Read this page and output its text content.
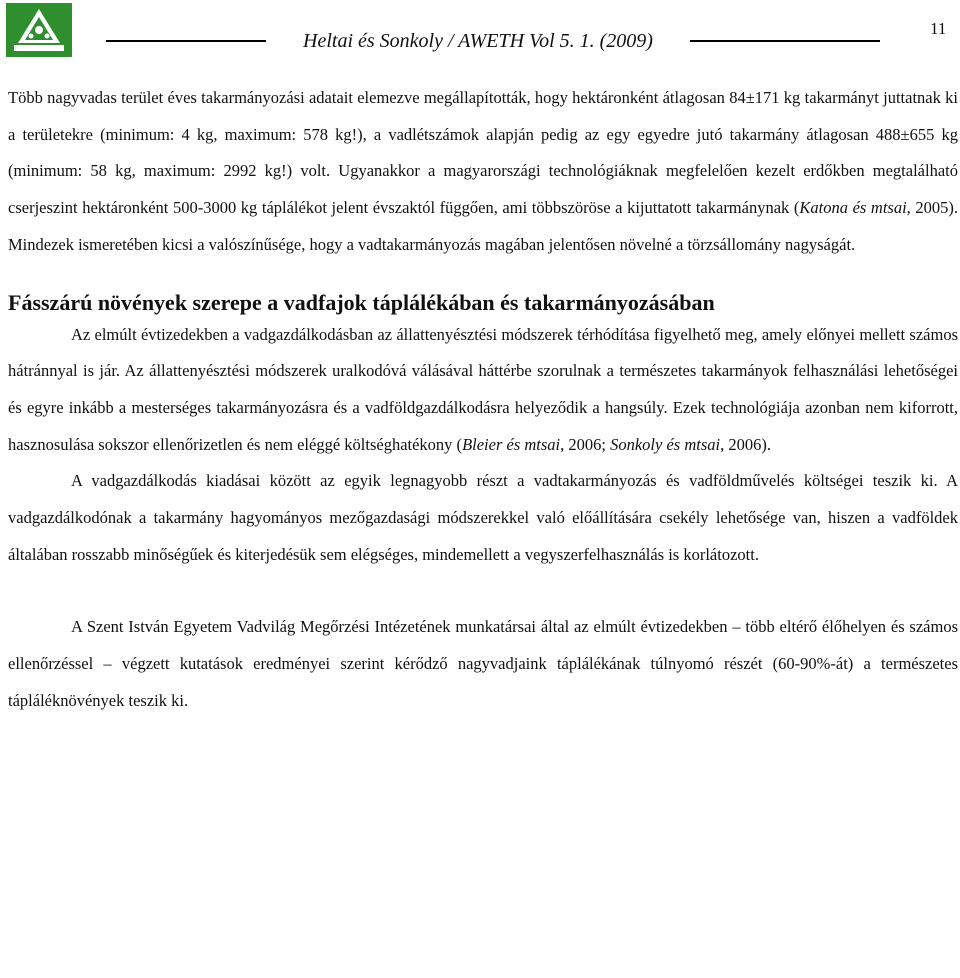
Heltai és Sonkoly / AWETH Vol 5. 1. (2009)
11

Több nagyvadas terület éves takarmányozási adatait elemezve megállapították, hogy hektáronként átlagosan 84±171 kg takarmányt juttatnak ki a területekre (minimum: 4 kg, maximum: 578 kg!), a vadlétszámok alapján pedig az egy egyedre jutó takarmány átlagosan 488±655 kg (minimum: 58 kg, maximum: 2992 kg!) volt. Ugyanakkor a magyarországi technológiáknak megfelelően kezelt erdőkben megtalálható cserjeszint hektáronként 500-3000 kg táplálékot jelent évszaktól függően, ami többszöröse a kijuttatott takarmánynak (Katona és mtsai, 2005). Mindezek ismeretében kicsi a valószínűsége, hogy a vadtakarmányozás magában jelentősen növelné a törzsállomány nagyságát.

Fásszárú növények szerepe a vadfajok táplálékában és takarmányozásában

Az elmúlt évtizedekben a vadgazdálkodásban az állattenyésztési módszerek térhódítása figyelhető meg, amely előnyei mellett számos hátránnyal is jár. Az állattenyésztési módszerek uralkodóvá válásával háttérbe szorulnak a természetes takarmányok felhasználási lehetőségei és egyre inkább a mesterséges takarmányozásra és a vadföldgazdálkodásra helyeződik a hangsúly. Ezek technológiája azonban nem kiforrott, hasznosulása sokszor ellenőrizetlen és nem eléggé költséghatékony (Bleier és mtsai, 2006; Sonkoly és mtsai, 2006).

A vadgazdálkodás kiadásai között az egyik legnagyobb részt a vadtakarmányozás és vadföldművelés költségei teszik ki. A vadgazdálkodónak a takarmány hagyományos mezőgazdasági módszerekkel való előállítására csekély lehetősége van, hiszen a vadföldek általában rosszabb minőségűek és kiterjedésük sem elégséges, mindemellett a vegyszerfelhasználás is korlátozott.

A Szent István Egyetem Vadvilág Megőrzési Intézetének munkatársai által az elmúlt évtizedekben – több eltérő élőhelyen és számos ellenőrzéssel – végzett kutatások eredményei szerint kérődző nagyvadjaink táplálékának túlnyomó részét (60-90%-át) a természetes tápláléknövények teszik ki.
